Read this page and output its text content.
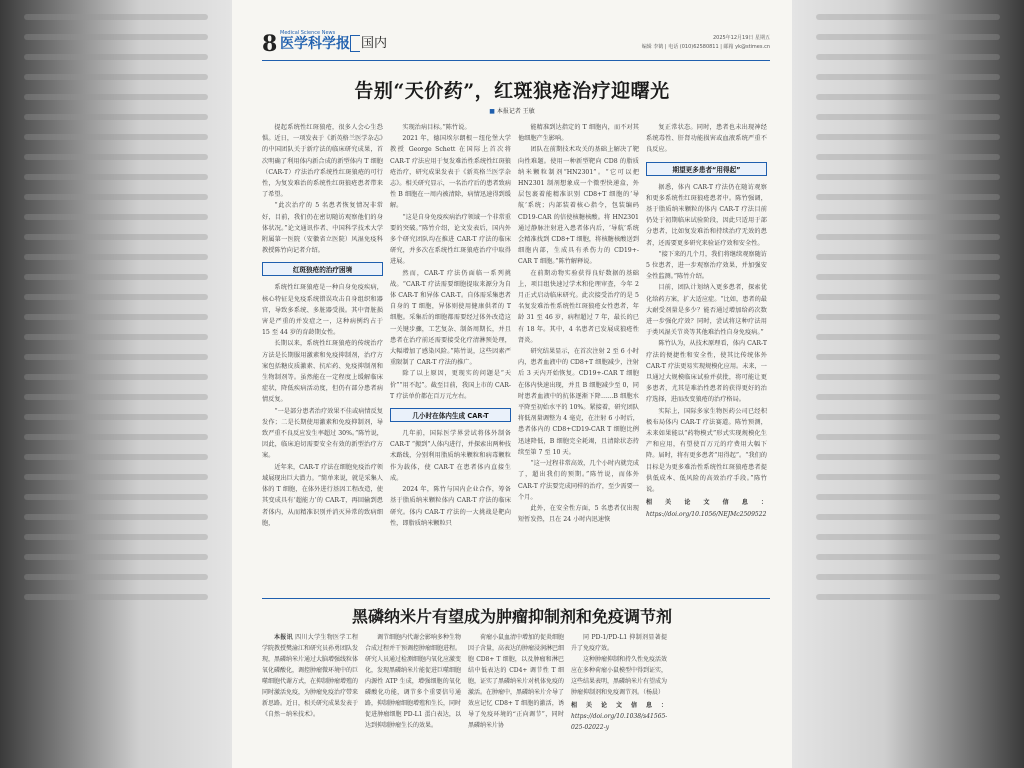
8 Medical Science News
医学科学报 国内	2025年12月19日 星期五
编辑 李鹤 | 电话 (010)62580811 | 邮箱 yk@stimes.cn
告别“天价药”，红斑狼疮治疗迎曙光
■ 本报记者 王敏

提起系统性红斑狼疮，很多人会心生恐惧。近日，一项发表于《新英格兰医学杂志》的中国团队关于新疗法的临床研究成果，首次明确了利用体内新合成的新型体内 T 细胞（CAR-T）疗法治疗系统性红斑狼疮的可行性，为复发难治的系统性红斑狼疮患者带来了希望。

“此次治疗的 5 名患者恢复情况非常好，目前，我们仍在密切随访观察他们的身体状况。”论文通讯作者、中国科学技术大学附属第一医院（安徽省立医院）风湿免疫科教授陈竹向记者介绍。

红斑狼疮的治疗困境

系统性红斑狼疮是一种自身免疫疾病，核心特征是免疫系统错误攻击自身组织和器官，导致多系统、多脏器受损。其中肾脏损害是严重的并发症之一，这种病例约占于 15 至 44 岁的育龄期女性。

长期以来，系统性红斑狼疮的传统治疗方法是长期服用激素和免疫抑制剂，治疗方案包括糖皮质激素、抗疟药、免疫抑制剂和生物制剂等。虽然能在一定程度上缓解临床症状，降低疾病活动度，但仍有部分患者病情反复。

“一是部分患者治疗效果不佳或病情反复发作；二是长期使用激素和免疫抑制剂，导致严重不良反应发生率超过 30%。”陈竹说，因此，临床迫切需要安全有效的新型治疗方案。

近年来，CAR-T 疗法在细胞免疫治疗领域展现出巨大潜力。“简单来说，就是采集人体的 T 细胞，在体外进行基因工程改造，使其变成具有‘超能力’的 CAR-T，再回输到患者体内，从而精准识别并消灭异常的致病细胞，

实现治病目标。”陈竹说。

2021 年，德国埃尔朗根－纽伦堡大学教授 George Schett 在国际上首次将 CAR-T 疗法应用于复发难治性系统性红斑狼疮治疗，研究成果发表于《新英格兰医学杂志》。相关研究显示，一名治疗后的患者致病性 B 细胞在一周内被清除，病情迅速得到缓解。

“这是自身免疫疾病治疗领域一个非常重要的突破。”陈竹介绍，论文发表后，国内外多个研究团队均在推进 CAR-T 疗法的临床研究，并多次在系统性红斑狼疮治疗中取得进展。

然而，CAR-T 疗法仍面临一系列挑战。“CAR-T 疗法需要细胞提取来源分为自体 CAR-T 和异体 CAR-T。自体需采集患者自身的 T 细胞，异体则使用健康供者的 T 细胞。采集后的细胞都需要经过体外改造这一关键步骤，工艺复杂、制备周期长，并且患者在治疗前还需要接受化疗清淋预处理，大幅增加了感染风险。”陈竹说，这些因素严重限制了 CAR-T 疗法的推广。

除了以上原因，更现实的问题是“天价”“用不起”。截至目前，我国上市的 CAR-T 疗法单价都在百万元左右。

几小时在体内生成 CAR-T

几年前，国际医学界尝试将体外制备 CAR-T “搬到”人体内进行，并探索出两种技术路线，分别利用脂质纳米颗粒和病毒颗粒作为载体，使 CAR-T 在患者体内直接生成。

2024 年，陈竹与国内企业合作，筹备基于脂质纳米颗粒体内 CAR-T 疗法的临床研究。体内 CAR-T 疗法的一大挑战是靶向性，即脂质纳米颗粒只

能精准到达指定的 T 细胞内，而不对其他细胞产生影响。

团队在前期技术攻关的基础上解决了靶向性难题。使用一种新型靶向 CD8 的脂质纳米颗粒制剂“HN2301”。“它可以把 HN2301 制剂想象成一个微型快递盒，外层包裹着能精准识别 CD8+T 细胞的‘导航’系统；内部装着核心指令，包装编码 CD19-CAR 的信使核糖核酸。将 HN2301 通过静脉注射进入患者体内后，‘导航’系统会精准找到 CD8+T 细胞，将核糖核酸送到细胞内部，生成具有杀伤力的 CD19+-CAR T 细胞。”陈竹解释说。

在前期动物实验获得良好数据的基础上，项目组快速过学术和伦理审查，今年 2 月正式启动临床研究。此次接受治疗的是 5 名复发难治性系统性红斑狼疮女性患者，年龄 31 至 46 岁，病程超过 7 年，最长的已有 18 年。其中，4 名患者已发展成狼疮性肾炎。

研究结果显示，在首次注射 2 至 6 小时内，患者血液中的 CD8+T 细胞减少，注射后 3 天内开始恢复。CD19+-CAR T 细胞在体内快速出现，并且 B 细胞减少至 0，同时患者血液中的抗体逐渐下降……B 细胞水平降至初始水平的 10%。紧接着，研究团队将低剂量调整为 4 毫克，在注射 6 小时后，患者体内的 CD8+CD19-CAR T 细胞比例迅速降低，B 细胞完全耗竭，且清除状态持续至第 7 至 10 天。

“这一过程非常高效，几个小时内就完成了，超出我们的预期。”陈竹说，而体外 CAR-T 疗法要完成同样的治疗，至少需要一个月。

此外，在安全性方面，5 名患者仅出现短暂发热，且在 24 小时内迅速恢

复正常状态。同时，患者也未出现神经系统毒性、肝肾功能损害或血液系统严重不良反应。

期望更多患者“用得起”

据悉，体内 CAR-T 疗法仍在随访观察和更多系统性红斑狼疮患者中。陈竹强调，基于脂质纳米颗粒的体内 CAR-T 疗法目前仍处于初期临床试验阶段，因此只适用于部分患者，比如复发难治和持续治疗无效的患者，还需要更多研究来验证疗效和安全性。

“接下来的几个月，我们将继续观察随访 5 位患者，进一步观察治疗效果，并加强安全性监测。”陈竹介绍。

目前，团队计划纳入更多患者，探索优化给药方案，扩大适应症。“比如，患者的最大耐受剂量是多少？能否通过增加给药次数进一步强化疗效？同时，尝试将这种疗法用于类风湿关节炎等其他难治性自身免疫病。”

陈竹认为，从技术原理看，体内 CAR-T 疗法的便捷性和安全性，使其比传统体外 CAR-T 疗法更易实现规模化应用。未来，一旦通过大规模临床试验并获批，将可能让更多患者，尤其是难治性患者的获得更好的治疗选择，进而改变狼疮的治疗格局。

实际上，国际多家生物医药公司已经积极布局体内 CAR-T 疗法赛道。陈竹预测，未来如果能以“药物模式”形式实现规模化生产和应用，有望使百万元的疗费用大幅下降。届时，将有更多患者“用得起”。“我们的目标是为更多难治性系统性红斑狼疮患者提供低成本、低风险的高效治疗手段。”陈竹说。

相关论文信息：https://doi.org/10.1056/NEJMc2509522
黑磷纳米片有望成为肿瘤抑制剂和免疫调节剂

本报讯 四川大学生物医学工程学院教授樊渝江和研究员孙勇团队发现，黑磷纳米片通过大脑增强线粒体氧化磷酸化，调控肿瘤微环境中的巨噬细胞代谢方式，在抑制肿瘤增殖的同时激活免疫，为肿瘤免疫治疗带来新思路。近日，相关研究成果发表于《自然－纳米技术》。

调节细胞内代谢会影响多种生物合成过程并干预调控肿瘤细胞进程。研究人员通过检测细胞内氧化应激变化，发现黑磷纳米片能促进巨噬细胞内源性 ATP 生成，增强细胞的氧化磷酸化功能，调节多个重要信号通路，抑制肿瘤细胞增殖和生长，同时促进肿瘤细胞 PD-L1 蛋白表达，以达到抑制肿瘤生长的效果。

荷瘤小鼠血清中增加的促炎细胞因子含量，高表达的肿瘤浸润淋巴细胞 CD8+ T 细胞，以及肿瘤和淋巴结中低表达的 CD4+ 调节性 T 细胞，证实了黑磷纳米片对机体免疫的激活。在肿瘤中，黑磷纳米片介导了效应记忆 CD8+ T 细胞的激活，诱导了免疫环境的“正向调节”，同时黑磷纳米片协

同 PD-1/PD-L1 抑制剂显著提升了免疫疗效。

这种肿瘤抑制和持久性免疫活效应在多种荷瘤小鼠模型中得到证实，这些结果表明，黑磷纳米片有望成为肿瘤抑制剂和免疫调节剂。（杨晨）

相关论文信息：https://doi.org/10.1038/s41565-025-02022-y
